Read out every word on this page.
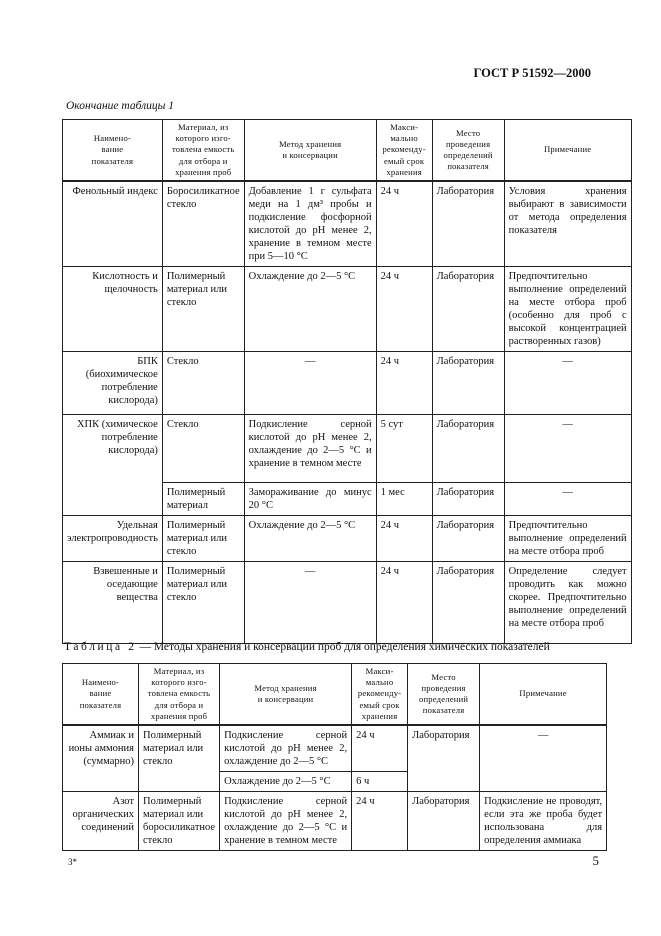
ГОСТ Р 51592—2000
Окончание таблицы 1
Наимено-
вание
показателя	Материал, из
которого изго-
товлена емкость
для отбора и
хранения проб	Метод хранения
и консервации	Макси-
мально
рекоменду-
емый срок
хранения	Место
проведения
определений
показателя	Примечание
Фенольный индекс	Боросиликатное стекло	Добавление 1 г сульфата меди на 1 дм³ пробы и подкисление фосфорной кислотой до pH менее 2, хранение в темном месте при 5—10 °С	24 ч	Лаборатория	Условия хранения выбирают в зависимости от метода определения показателя
Кислотность и щелочность	Полимерный материал или стекло	Охлаждение до 2—5 °С	24 ч	Лаборатория	Предпочтительно выполнение определений на месте отбора проб (особенно для проб с высокой концентрацией растворенных газов)
БПК (биохимическое потребление кислорода)	Стекло	—	24 ч	Лаборатория	—
ХПК (химическое потребление кислорода)	Стекло	Подкисление серной кислотой до pH менее 2, охлаждение до 2—5 °С и хранение в темном месте	5 сут	Лаборатория	—
	Полимерный материал	Замораживание до минус 20 °С	1 мес	Лаборатория	—
Удельная электропроводность	Полимерный материал или стекло	Охлаждение до 2—5 °С	24 ч	Лаборатория	Предпочтительно выполнение определений на месте отбора проб
Взвешенные и оседающие вещества	Полимерный материал или стекло	—	24 ч	Лаборатория	Определение следует проводить как можно скорее. Предпочтительно выполнение определений на месте отбора проб
Таблица 2 — Методы хранения и консервации проб для определения химических показателей
Наимено-
вание
показателя	Материал, из
которого изго-
товлена емкость
для отбора и
хранения проб	Метод хранения
и консервации	Макси-
мально
рекоменду-
емый срок
хранения	Место
проведения
определений
показателя	Примечание
Аммиак и ионы аммония (суммарно)	Полимерный материал или стекло	Подкисление серной кислотой до pH менее 2, охлаждение до 2—5 °С	24 ч	Лаборатория	—
		Охлаждение до 2—5 °С	6 ч		
Азот органических соединений	Полимерный материал или боросиликатное стекло	Подкисление серной кислотой до pH менее 2, охлаждение до 2—5 °С и хранение в темном месте	24 ч	Лаборатория	Подкисление не проводят, если эта же проба будет использована для определения аммиака
3*	5
